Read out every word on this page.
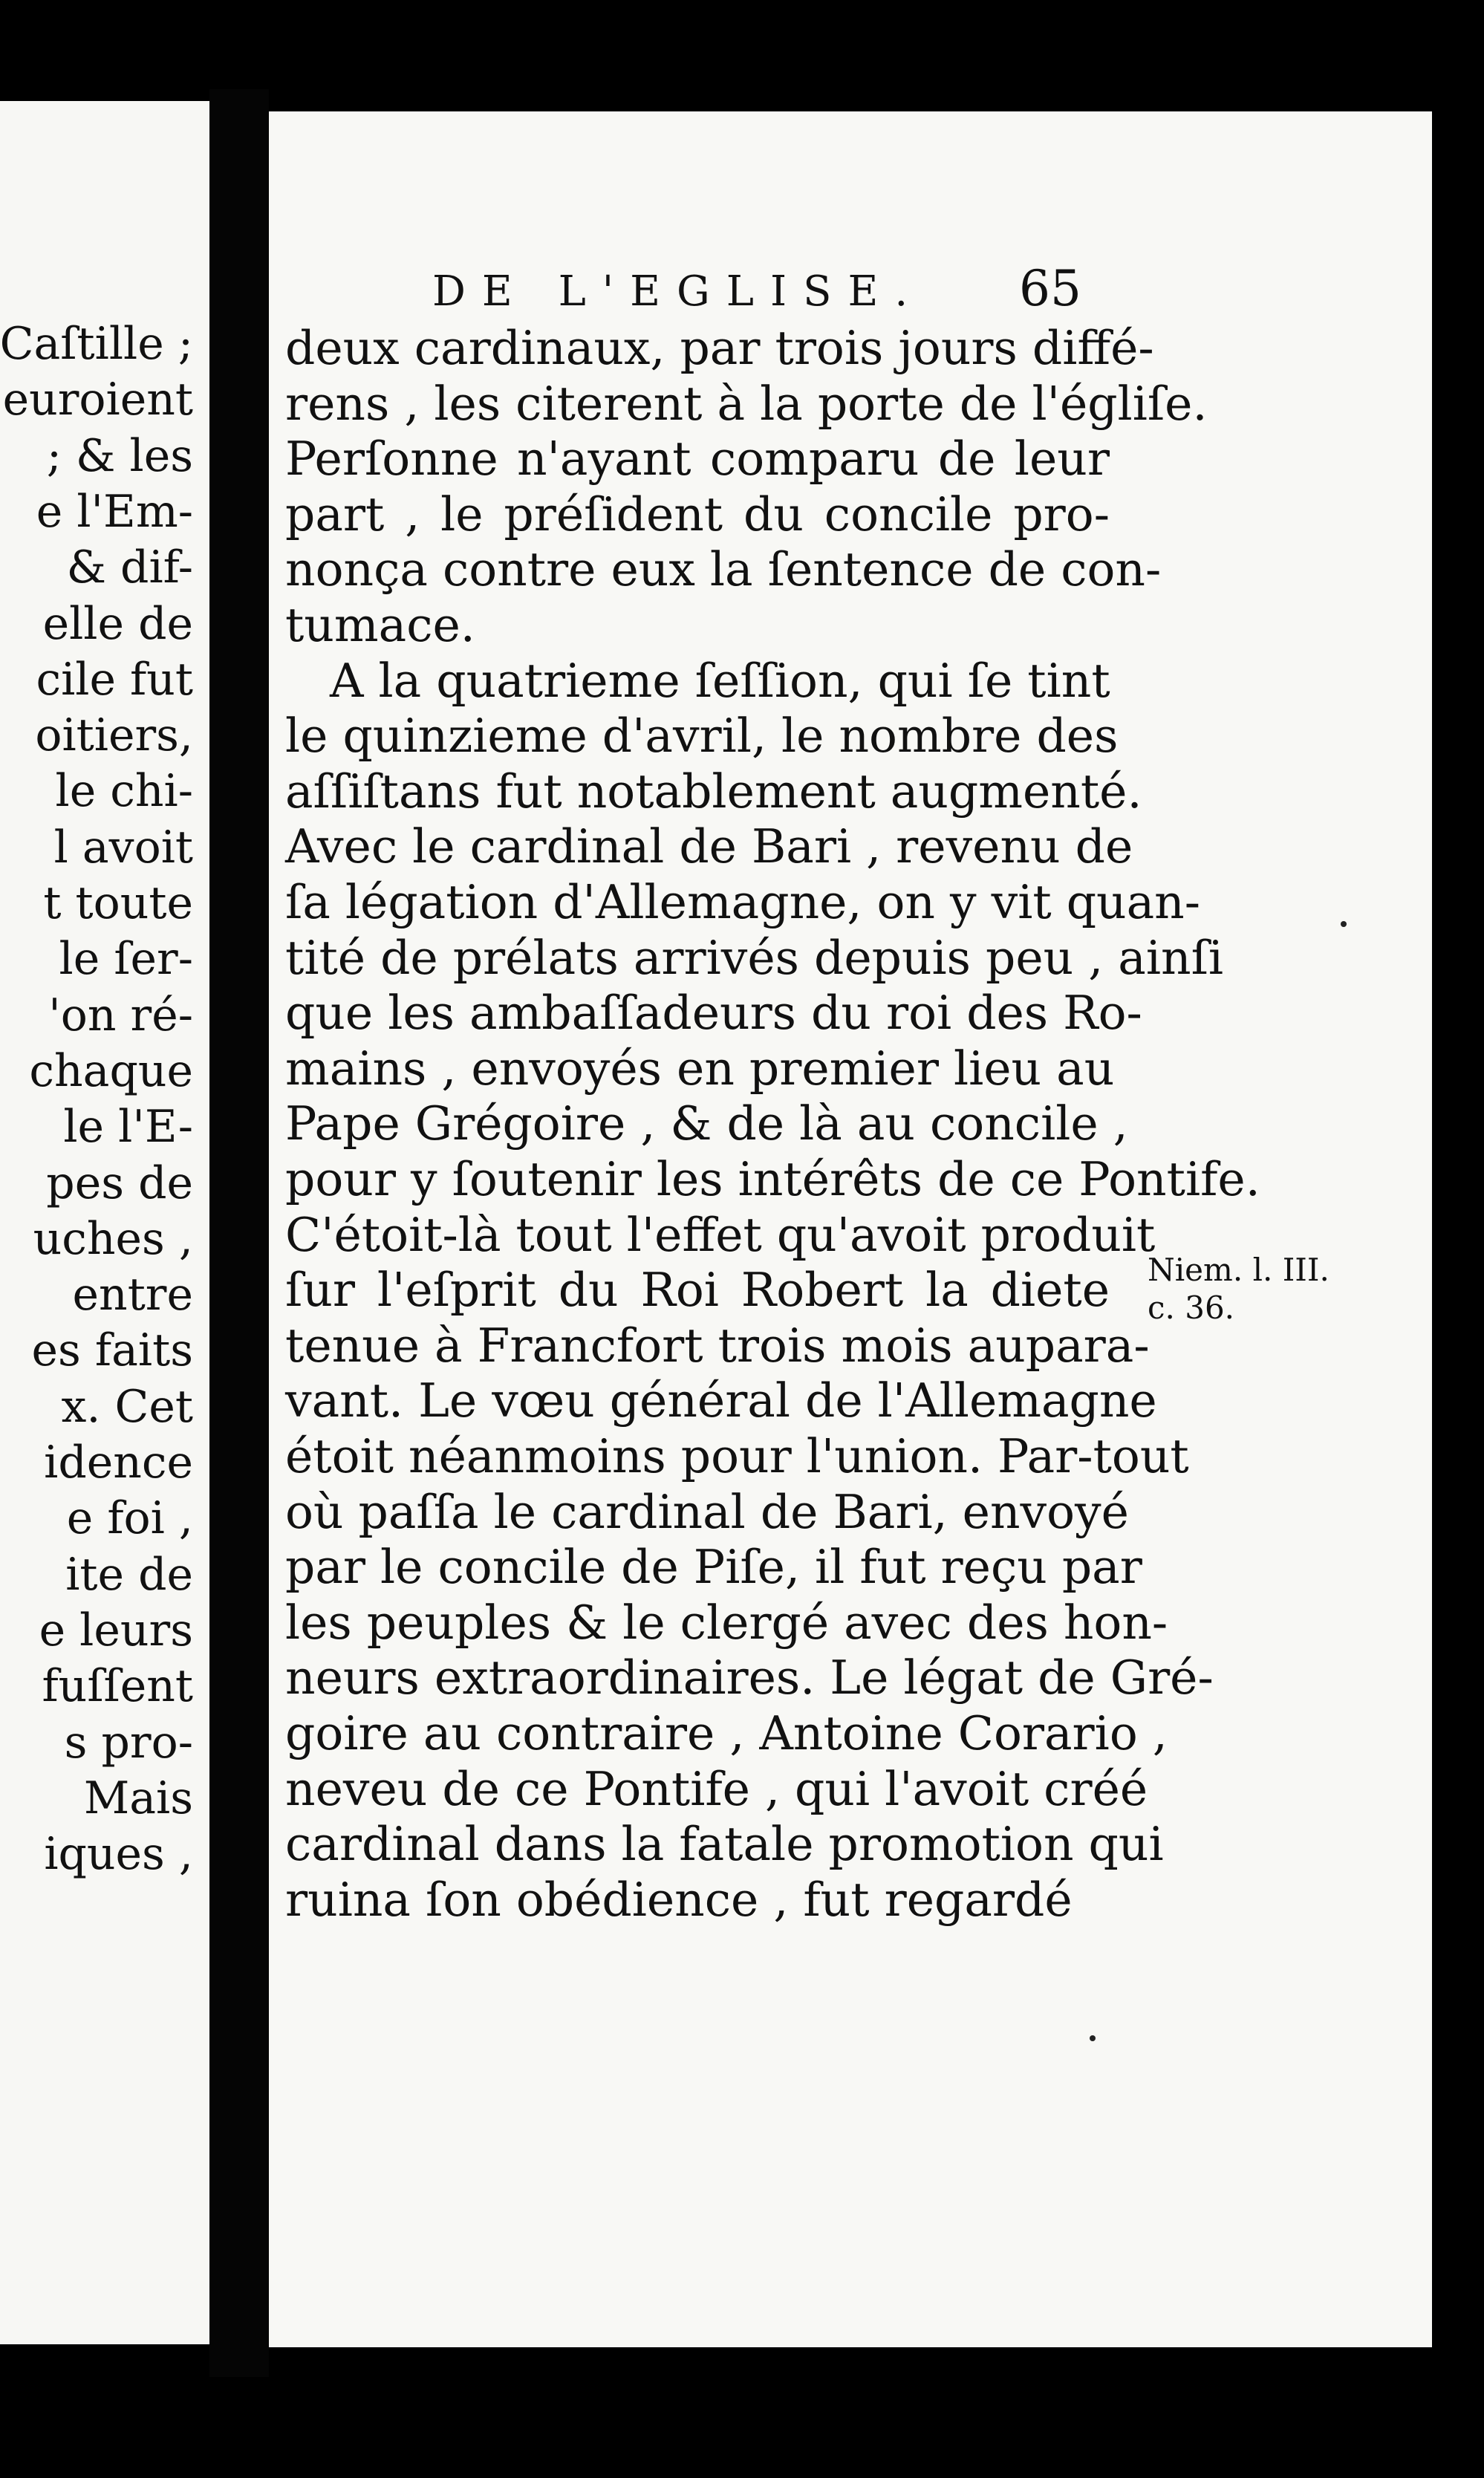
Caſtille ;
euroient
; & les
e l'Em-
& dif-
elle de
cile fut
oitiers,
le chi-
l avoit
t toute
le ſer-
'on ré-
chaque
le l'E-
pes de
uches ,
entre
es faits
x. Cet
idence
e foi ,
ite de
e leurs
fuſſent
s pro-
Mais
iques ,
DE L'EGLISE. 65
deux cardinaux, par trois jours diffé-
rens , les citerent à la porte de l'égliſe.
Perſonne n'ayant comparu de leur
part , le préſident du concile pro-
nonça contre eux la ſentence de con-
tumace.
A la quatrieme ſeſſion, qui ſe tint
le quinzieme d'avril, le nombre des
aſſiſtans fut notablement augmenté.
Avec le cardinal de Bari , revenu de
ſa légation d'Allemagne, on y vit quan-
tité de prélats arrivés depuis peu , ainſi
que les ambaſſadeurs du roi des Ro-
mains , envoyés en premier lieu au
Pape Grégoire , & de là au concile ,
pour y ſoutenir les intérêts de ce Pontife.
C'étoit-là tout l'effet qu'avoit produit
ſur l'eſprit du Roi Robert la diete
tenue à Francfort trois mois aupara-
vant. Le vœu général de l'Allemagne
étoit néanmoins pour l'union. Par-tout
où paſſa le cardinal de Bari, envoyé
par le concile de Piſe, il fut reçu par
les peuples & le clergé avec des hon-
neurs extraordinaires. Le légat de Gré-
goire au contraire , Antoine Corario ,
neveu de ce Pontife , qui l'avoit créé
cardinal dans la fatale promotion qui
ruina ſon obédience , fut regardé
Niem. l. III.
c. 36.
